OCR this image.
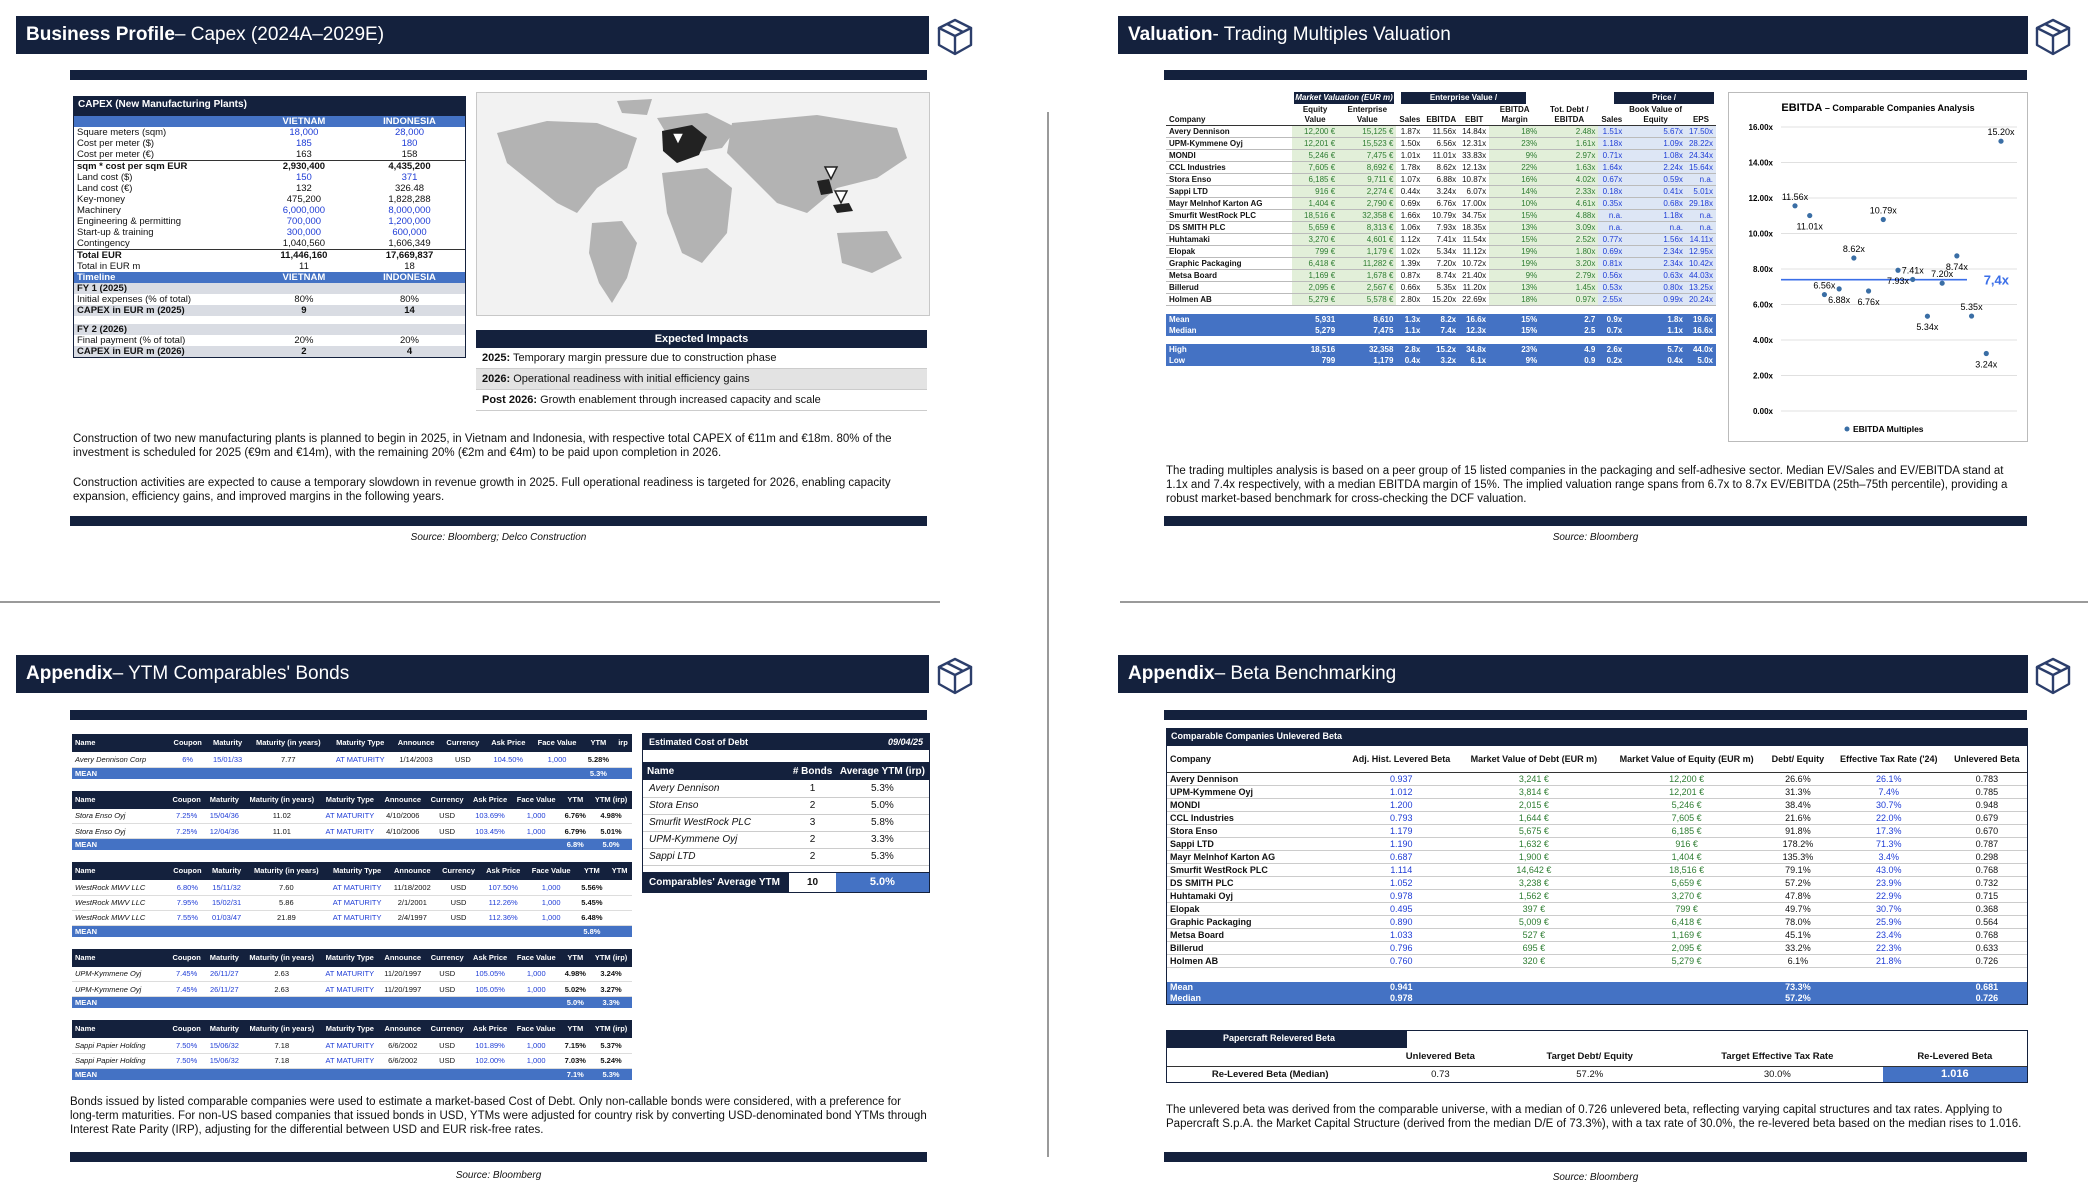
Business Profile – Capex (2024A–2029E)
CAPEX (New Manufacturing Plants)
	VIETNAM	INDONESIA
Square meters (sqm)	18,000	28,000
Cost per meter ($)	185	180
Cost per meter (€)	163	158
sqm * cost per sqm EUR	2,930,400	4,435,200
Land cost ($)	150	371
Land cost (€)	132	326.48
Key-money	475,200	1,828,288
Machinery	6,000,000	8,000,000
Engineering & permitting	700,000	1,200,000
Start-up & training	300,000	600,000
Contingency	1,040,560	1,606,349
Total EUR	11,446,160	17,669,837
Total in EUR m	11	18
Timeline	VIETNAM	INDONESIA
FY 1 (2025)		
Initial expenses (% of total)	80%	80%
CAPEX in EUR m (2025)	9	14

FY 2 (2026)		
Final payment (% of total)	20%	20%
CAPEX in EUR m (2026)	2	4
Expected Impacts
2025: Temporary margin pressure due to construction phase
2026: Operational readiness with initial efficiency gains
Post 2026: Growth enablement through increased capacity and scale
Construction of two new manufacturing plants is planned to begin in 2025, in Vietnam and Indonesia, with respective total CAPEX of €11m and €18m. 80% of the investment is scheduled for 2025 (€9m and €14m), with the remaining 20% (€2m and €4m) to be paid upon completion in 2026.
Construction activities are expected to cause a temporary slowdown in revenue growth in 2025. Full operational readiness is targeted for 2026, enabling capacity expansion, efficiency gains, and improved margins in the following years.
Source: Bloomberg; Delco Construction
Valuation - Trading Multiples Valuation
Market Valuation (EUR m)	Enterprise Value /	Price /
Company	Equity Value	Enterprise Value	Sales	EBITDA	EBIT	EBITDA Margin	Tot. Debt / EBITDA	Sales	Book Value of Equity	EPS
Avery Dennison	12,200 €	15,125 €	1.87x	11.56x	14.84x	18%	2.48x	1.51x	5.67x	17.50x
UPM-Kymmene Oyj	12,201 €	15,523 €	1.50x	6.56x	12.31x	23%	1.61x	1.18x	1.09x	28.22x
MONDI	5,246 €	7,475 €	1.01x	11.01x	33.83x	9%	2.97x	0.71x	1.08x	24.34x
CCL Industries	7,605 €	8,692 €	1.78x	8.62x	12.13x	22%	1.63x	1.64x	2.24x	15.64x
Stora Enso	6,185 €	9,711 €	1.07x	6.88x	10.87x	16%	4.02x	0.67x	0.59x	n.a.
Sappi LTD	916 €	2,274 €	0.44x	3.24x	6.07x	14%	2.33x	0.18x	0.41x	5.01x
Mayr Melnhof Karton AG	1,404 €	2,790 €	0.69x	6.76x	17.00x	10%	4.61x	0.35x	0.68x	29.18x
Smurfit WestRock PLC	18,516 €	32,358 €	1.66x	10.79x	34.75x	15%	4.88x	n.a.	1.18x	n.a.
DS SMITH PLC	5,659 €	8,313 €	1.06x	7.93x	18.35x	13%	3.09x	n.a.	n.a.	n.a.
Huhtamaki	3,270 €	4,601 €	1.12x	7.41x	11.54x	15%	2.52x	0.77x	1.56x	14.11x
Elopak	799 €	1,179 €	1.02x	5.34x	11.12x	19%	1.80x	0.69x	2.34x	12.95x
Graphic Packaging	6,418 €	11,282 €	1.39x	7.20x	10.72x	19%	3.20x	0.81x	2.34x	10.42x
Metsa Board	1,169 €	1,678 €	0.87x	8.74x	21.40x	9%	2.79x	0.56x	0.63x	44.03x
Billerud	2,095 €	2,567 €	0.66x	5.35x	11.20x	13%	1.45x	0.53x	0.80x	13.25x
Holmen AB	5,279 €	5,578 €	2.80x	15.20x	22.69x	18%	0.97x	2.55x	0.99x	20.24x

Mean	5,931	8,610	1.3x	8.2x	16.6x	15%	2.7	0.9x	1.8x	19.6x
Median	5,279	7,475	1.1x	7.4x	12.3x	15%	2.5	0.7x	1.1x	16.6x

High	18,516	32,358	2.8x	15.2x	34.8x	23%	4.9	2.6x	5.7x	44.0x
Low	799	1,179	0.4x	3.2x	6.1x	9%	0.9	0.2x	0.4x	5.0x
EBITDA – Comparable Companies Analysis
0.00x
2.00x
4.00x
6.00x
8.00x
10.00x
12.00x
14.00x
16.00x
7,4x
11.56x
11.01x
6.56x
6.88x
8.62x
6.76x
10.79x
7.93x
7.41x
5.34x
7.20x
8.74x
5.35x
3.24x
15.20x
EBITDA Multiples
The trading multiples analysis is based on a peer group of 15 listed companies in the packaging and self-adhesive sector. Median EV/Sales and EV/EBITDA stand at 1.1x and 7.4x respectively, with a median EBITDA margin of 15%. The implied valuation range spans from 6.7x to 8.7x EV/EBITDA (25th–75th percentile), providing a robust market-based benchmark for cross-checking the DCF valuation.
Source: Bloomberg
Appendix – YTM Comparables' Bonds
Name	Coupon	Maturity	Maturity (in years)	Maturity Type	Announce	Currency	Ask Price	Face Value	YTM	irp
Avery Dennison Corp	6%	15/01/33	7.77	AT MATURITY	1/14/2003	USD	104.50%	1,000	5.28%	
MEAN									5.3%	
Name	Coupon	Maturity	Maturity (in years)	Maturity Type	Announce	Currency	Ask Price	Face Value	YTM	YTM (irp)
Stora Enso Oyj	7.25%	15/04/36	11.02	AT MATURITY	4/10/2006	USD	103.69%	1,000	6.76%	4.98%
Stora Enso Oyj	7.25%	12/04/36	11.01	AT MATURITY	4/10/2006	USD	103.45%	1,000	6.79%	5.01%
MEAN									6.8%	5.0%
Name	Coupon	Maturity	Maturity (in years)	Maturity Type	Announce	Currency	Ask Price	Face Value	YTM	YTM
WestRock MWV LLC	6.80%	15/11/32	7.60	AT MATURITY	11/18/2002	USD	107.50%	1,000	5.56%	
WestRock MWV LLC	7.95%	15/02/31	5.86	AT MATURITY	2/1/2001	USD	112.26%	1,000	5.45%	
WestRock MWV LLC	7.55%	01/03/47	21.89	AT MATURITY	2/4/1997	USD	112.36%	1,000	6.48%	
MEAN									5.8%	
Name	Coupon	Maturity	Maturity (in years)	Maturity Type	Announce	Currency	Ask Price	Face Value	YTM	YTM (irp)
UPM-Kymmene Oyj	7.45%	26/11/27	2.63	AT MATURITY	11/20/1997	USD	105.05%	1,000	4.98%	3.24%
UPM-Kymmene Oyj	7.45%	26/11/27	2.63	AT MATURITY	11/20/1997	USD	105.05%	1,000	5.02%	3.27%
MEAN									5.0%	3.3%
Name	Coupon	Maturity	Maturity (in years)	Maturity Type	Announce	Currency	Ask Price	Face Value	YTM	YTM (irp)
Sappi Papier Holding	7.50%	15/06/32	7.18	AT MATURITY	6/6/2002	USD	101.89%	1,000	7.15%	5.37%
Sappi Papier Holding	7.50%	15/06/32	7.18	AT MATURITY	6/6/2002	USD	102.00%	1,000	7.03%	5.24%
MEAN									7.1%	5.3%
Estimated Cost of Debt	09/04/25
Name	# Bonds	Average YTM (irp)
Avery Dennison	1	5.3%
Stora Enso	2	5.0%
Smurfit WestRock PLC	3	5.8%
UPM-Kymmene Oyj	2	3.3%
Sappi LTD	2	5.3%

Comparables' Average YTM	10	5.0%
Bonds issued by listed comparable companies were used to estimate a market-based Cost of Debt. Only non-callable bonds were considered, with a preference for long-term maturities. For non-US based companies that issued bonds in USD, YTMs were adjusted for country risk by converting USD-denominated bond YTMs through Interest Rate Parity (IRP), adjusting for the differential between USD and EUR risk-free rates.
Source: Bloomberg
Appendix – Beta Benchmarking
Comparable Companies Unlevered Beta
Company	Adj. Hist. Levered Beta	Market Value of Debt (EUR m)	Market Value of Equity (EUR m)	Debt/ Equity	Effective Tax Rate ('24)	Unlevered Beta
Avery Dennison	0.937	3,241 €	12,200 €	26.6%	26.1%	0.783
UPM-Kymmene Oyj	1.012	3,814 €	12,201 €	31.3%	7.4%	0.785
MONDI	1.200	2,015 €	5,246 €	38.4%	30.7%	0.948
CCL Industries	0.793	1,644 €	7,605 €	21.6%	22.0%	0.679
Stora Enso	1.179	5,675 €	6,185 €	91.8%	17.3%	0.670
Sappi LTD	1.190	1,632 €	916 €	178.2%	71.3%	0.787
Mayr Melnhof Karton AG	0.687	1,900 €	1,404 €	135.3%	3.4%	0.298
Smurfit WestRock PLC	1.114	14,642 €	18,516 €	79.1%	43.0%	0.768
DS SMITH PLC	1.052	3,238 €	5,659 €	57.2%	23.9%	0.732
Huhtamaki Oyj	0.978	1,562 €	3,270 €	47.8%	22.9%	0.715
Elopak	0.495	397 €	799 €	49.7%	30.7%	0.368
Graphic Packaging	0.890	5,009 €	6,418 €	78.0%	25.9%	0.564
Metsa Board	1.033	527 €	1,169 €	45.1%	23.4%	0.768
Billerud	0.796	695 €	2,095 €	33.2%	22.3%	0.633
Holmen AB	0.760	320 €	5,279 €	6.1%	21.8%	0.726

Mean	0.941			73.3%		0.681
Median	0.978			57.2%		0.726
Papercraft Relevered Beta
	Unlevered Beta	Target Debt/ Equity	Target Effective Tax Rate	Re-Levered Beta
Re-Levered Beta (Median)	0.73	57.2%	30.0%	1.016
The unlevered beta was derived from the comparable universe, with a median of 0.726 unlevered beta, reflecting varying capital structures and tax rates. Applying to Papercraft S.p.A. the Market Capital Structure (derived from the median D/E of 73.3%), with a tax rate of 30.0%, the re-levered beta based on the median rises to 1.016.
Source: Bloomberg
